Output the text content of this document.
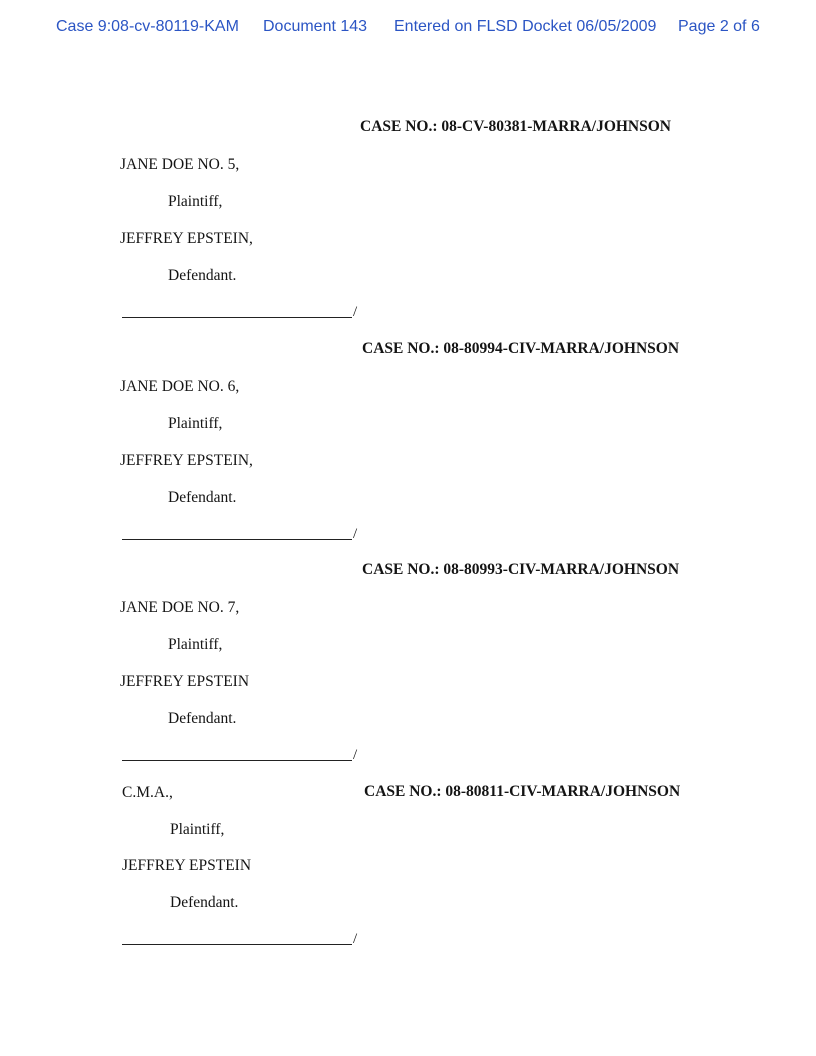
Case 9:08-cv-80119-KAM Document 143 Entered on FLSD Docket 06/05/2009 Page 2 of 6
CASE NO.: 08-CV-80381-MARRA/JOHNSON
JANE DOE NO. 5,
Plaintiff,
JEFFREY EPSTEIN,
Defendant.
/
CASE NO.: 08-80994-CIV-MARRA/JOHNSON
JANE DOE NO. 6,
Plaintiff,
JEFFREY EPSTEIN,
Defendant.
/
CASE NO.: 08-80993-CIV-MARRA/JOHNSON
JANE DOE NO. 7,
Plaintiff,
JEFFREY EPSTEIN
Defendant.
/
CASE NO.: 08-80811-CIV-MARRA/JOHNSON
C.M.A.,
Plaintiff,
JEFFREY EPSTEIN
Defendant.
/
